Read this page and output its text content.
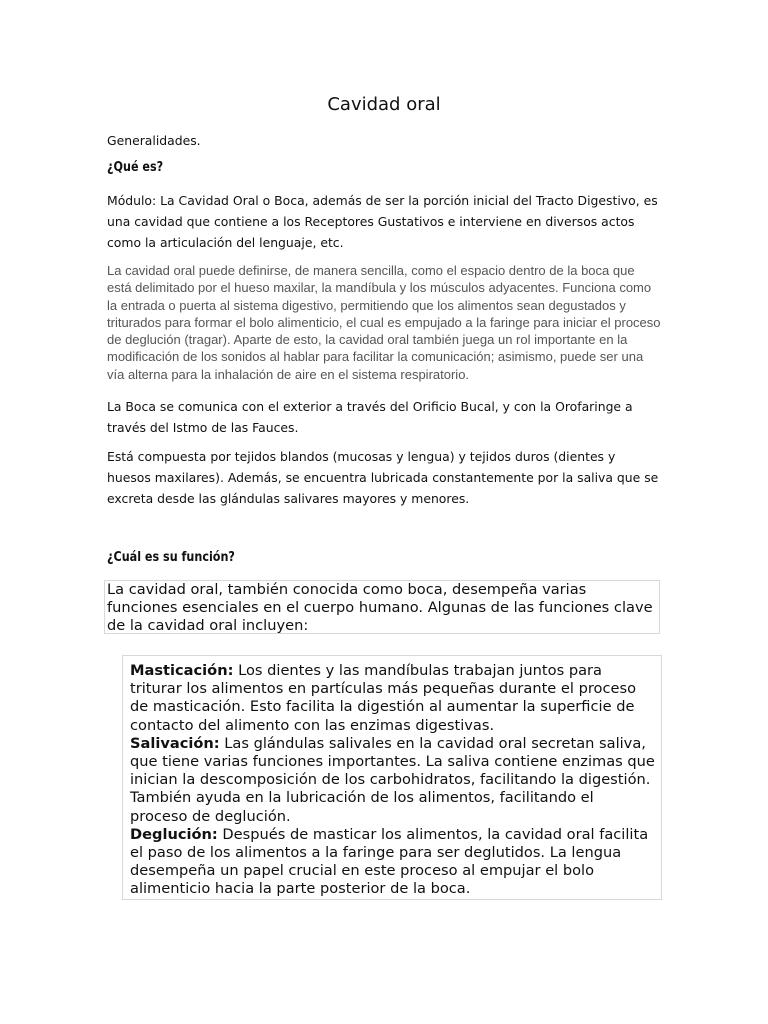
Cavidad oral

Generalidades.

¿Qué es?

Módulo: La Cavidad Oral o Boca, además de ser la porción inicial del Tracto Digestivo, es una cavidad que contiene a los Receptores Gustativos e interviene en diversos actos como la articulación del lenguaje, etc.

La cavidad oral puede definirse, de manera sencilla, como el espacio dentro de la boca que está delimitado por el hueso maxilar, la mandíbula y los músculos adyacentes. Funciona como la entrada o puerta al sistema digestivo, permitiendo que los alimentos sean degustados y triturados para formar el bolo alimenticio, el cual es empujado a la faringe para iniciar el proceso de deglución (tragar). Aparte de esto, la cavidad oral también juega un rol importante en la modificación de los sonidos al hablar para facilitar la comunicación; asimismo, puede ser una vía alterna para la inhalación de aire en el sistema respiratorio.

La Boca se comunica con el exterior a través del Orificio Bucal, y con la Orofaringe a través del Istmo de las Fauces.

Está compuesta por tejidos blandos (mucosas y lengua) y tejidos duros (dientes y huesos maxilares). Además, se encuentra lubricada constantemente por la saliva que se excreta desde las glándulas salivares mayores y menores.

¿Cuál es su función?

La cavidad oral, también conocida como boca, desempeña varias funciones esenciales en el cuerpo humano. Algunas de las funciones clave de la cavidad oral incluyen:

Masticación: Los dientes y las mandíbulas trabajan juntos para triturar los alimentos en partículas más pequeñas durante el proceso de masticación. Esto facilita la digestión al aumentar la superficie de contacto del alimento con las enzimas digestivas.

Salivación: Las glándulas salivales en la cavidad oral secretan saliva, que tiene varias funciones importantes. La saliva contiene enzimas que inician la descomposición de los carbohidratos, facilitando la digestión. También ayuda en la lubricación de los alimentos, facilitando el proceso de deglución.

Deglución: Después de masticar los alimentos, la cavidad oral facilita el paso de los alimentos a la faringe para ser deglutidos. La lengua desempeña un papel crucial en este proceso al empujar el bolo alimenticio hacia la parte posterior de la boca.
